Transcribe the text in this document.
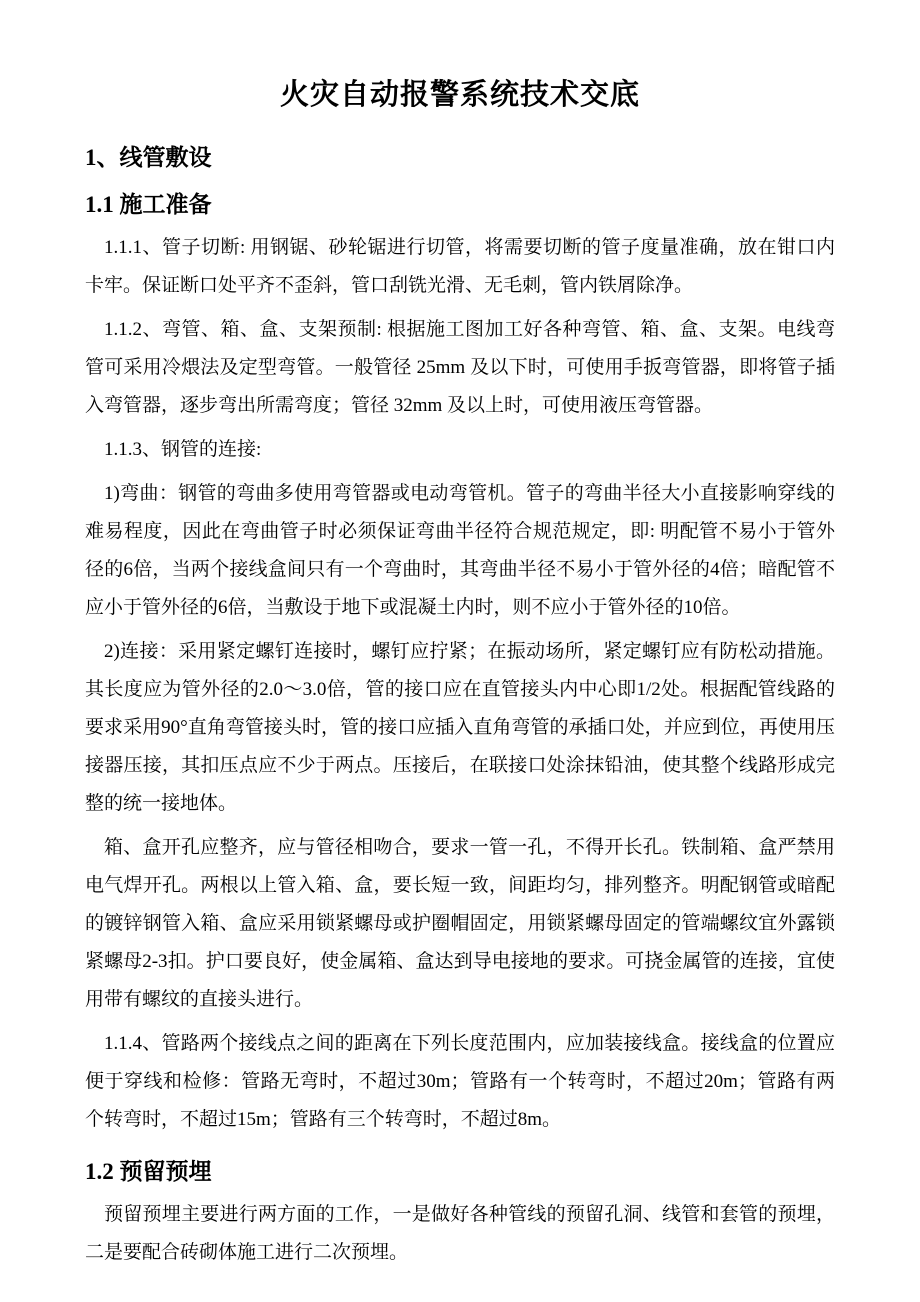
火灾自动报警系统技术交底
1、线管敷设
1.1 施工准备

1.1.1、管子切断: 用钢锯、砂轮锯进行切管，将需要切断的管子度量准确，放在钳口内卡牢。保证断口处平齐不歪斜，管口刮铣光滑、无毛刺，管内铁屑除净。

1.1.2、弯管、箱、盒、支架预制: 根据施工图加工好各种弯管、箱、盒、支架。电线弯管可采用冷煨法及定型弯管。一般管径 25mm 及以下时，可使用手扳弯管器，即将管子插入弯管器，逐步弯出所需弯度；管径 32mm 及以上时，可使用液压弯管器。

1.1.3、钢管的连接:

1)弯曲：钢管的弯曲多使用弯管器或电动弯管机。管子的弯曲半径大小直接影响穿线的难易程度，因此在弯曲管子时必须保证弯曲半径符合规范规定，即: 明配管不易小于管外径的6倍，当两个接线盒间只有一个弯曲时，其弯曲半径不易小于管外径的4倍；暗配管不应小于管外径的6倍，当敷设于地下或混凝土内时，则不应小于管外径的10倍。

2)连接：采用紧定螺钉连接时，螺钉应拧紧；在振动场所，紧定螺钉应有防松动措施。其长度应为管外径的2.0～3.0倍，管的接口应在直管接头内中心即1/2处。根据配管线路的要求采用90°直角弯管接头时，管的接口应插入直角弯管的承插口处，并应到位，再使用压接器压接，其扣压点应不少于两点。压接后，在联接口处涂抹铅油，使其整个线路形成完整的统一接地体。

箱、盒开孔应整齐，应与管径相吻合，要求一管一孔，不得开长孔。铁制箱、盒严禁用电气焊开孔。两根以上管入箱、盒，要长短一致，间距均匀，排列整齐。明配钢管或暗配的镀锌钢管入箱、盒应采用锁紧螺母或护圈帽固定，用锁紧螺母固定的管端螺纹宜外露锁紧螺母2-3扣。护口要良好，使金属箱、盒达到导电接地的要求。可挠金属管的连接，宜使用带有螺纹的直接头进行。

1.1.4、管路两个接线点之间的距离在下列长度范围内，应加装接线盒。接线盒的位置应便于穿线和检修：管路无弯时，不超过30m；管路有一个转弯时，不超过20m；管路有两个转弯时，不超过15m；管路有三个转弯时，不超过8m。

1.2 预留预埋

预留预埋主要进行两方面的工作，一是做好各种管线的预留孔洞、线管和套管的预埋，二是要配合砖砌体施工进行二次预埋。
